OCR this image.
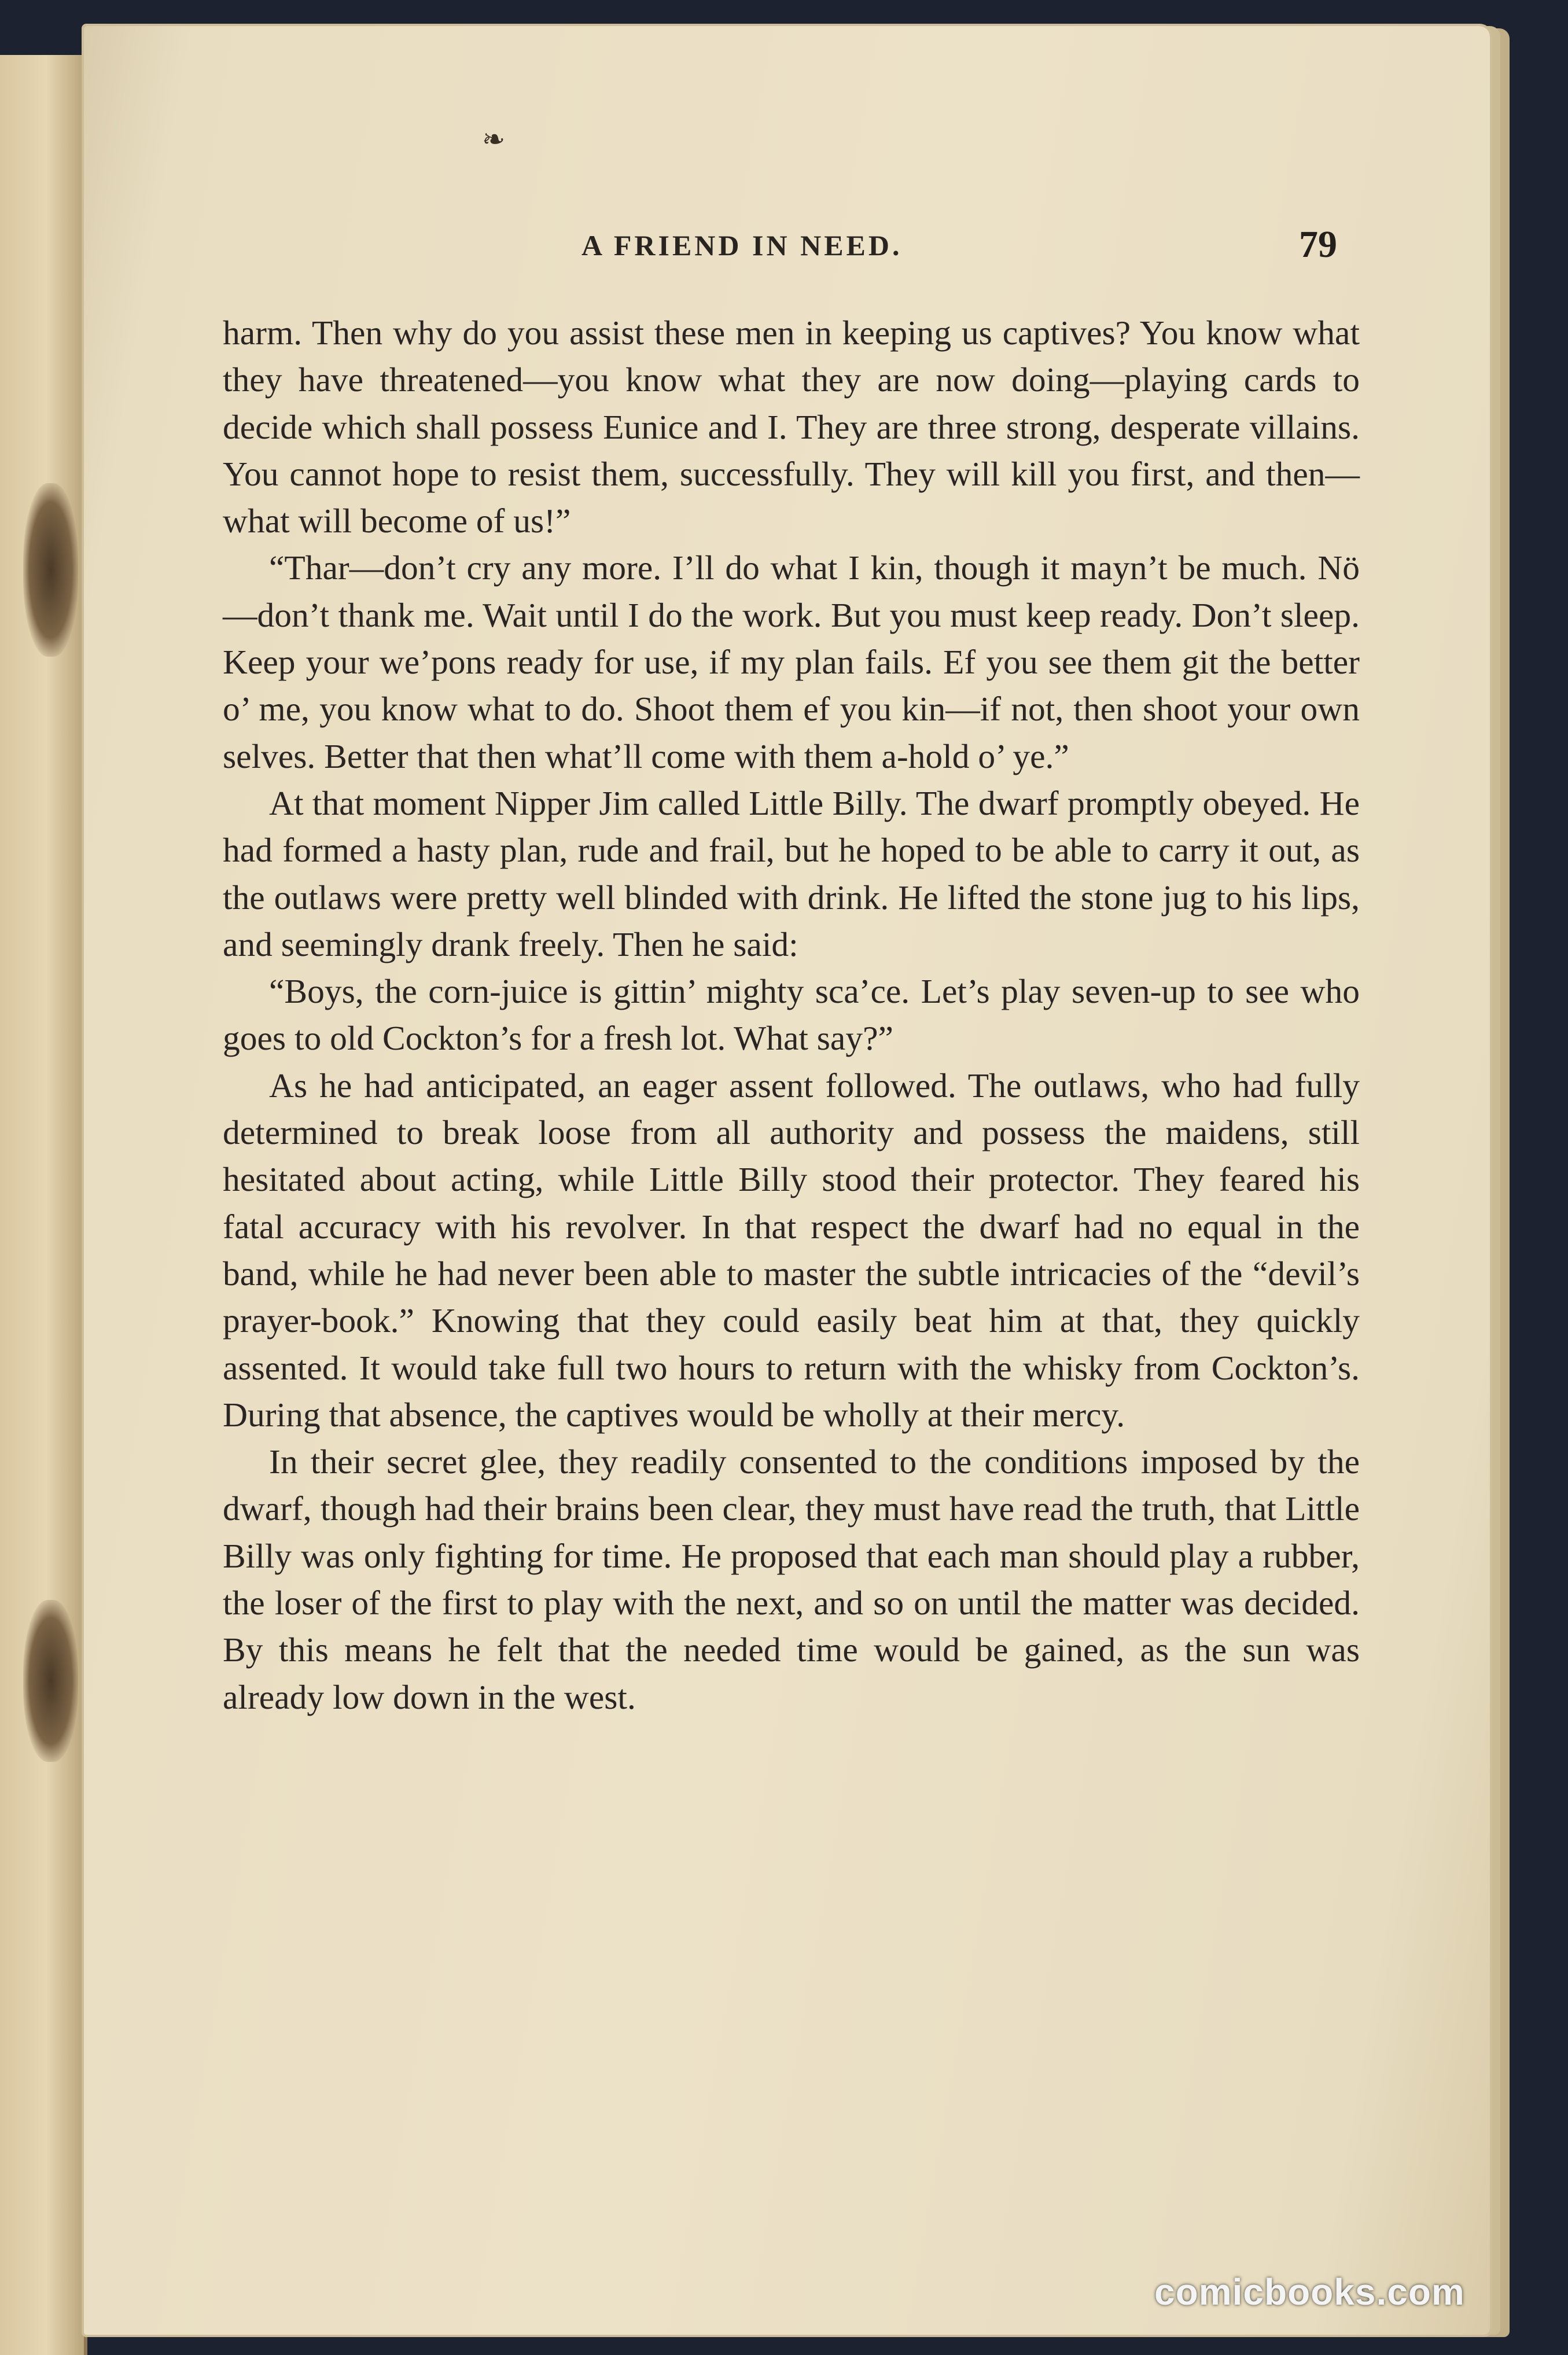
❧
A FRIEND IN NEED.	79

harm. Then why do you assist these men in keeping us captives? You know what they have threatened—you know what they are now doing—playing cards to decide which shall possess Eunice and I. They are three strong, desperate villains. You cannot hope to resist them, successfully. They will kill you first, and then—what will become of us!”

“Thar—don’t cry any more. I’ll do what I kin, though it mayn’t be much. Nö—don’t thank me. Wait until I do the work. But you must keep ready. Don’t sleep. Keep your we’pons ready for use, if my plan fails. Ef you see them git the better o’ me, you know what to do. Shoot them ef you kin—if not, then shoot your own selves. Better that then what’ll come with them a-hold o’ ye.”

At that moment Nipper Jim called Little Billy. The dwarf promptly obeyed. He had formed a hasty plan, rude and frail, but he hoped to be able to carry it out, as the outlaws were pretty well blinded with drink. He lifted the stone jug to his lips, and seemingly drank freely. Then he said:

“Boys, the corn-juice is gittin’ mighty sca’ce. Let’s play seven-up to see who goes to old Cockton’s for a fresh lot. What say?”

As he had anticipated, an eager assent followed. The outlaws, who had fully determined to break loose from all authority and possess the maidens, still hesitated about acting, while Little Billy stood their protector. They feared his fatal accuracy with his revolver. In that respect the dwarf had no equal in the band, while he had never been able to master the subtle intricacies of the “devil’s prayer-book.” Knowing that they could easily beat him at that, they quickly assented. It would take full two hours to return with the whisky from Cockton’s. During that absence, the captives would be wholly at their mercy.

In their secret glee, they readily consented to the conditions imposed by the dwarf, though had their brains been clear, they must have read the truth, that Little Billy was only fighting for time. He proposed that each man should play a rubber, the loser of the first to play with the next, and so on until the matter was decided. By this means he felt that the needed time would be gained, as the sun was already low down in the west.

comicbooks.com
